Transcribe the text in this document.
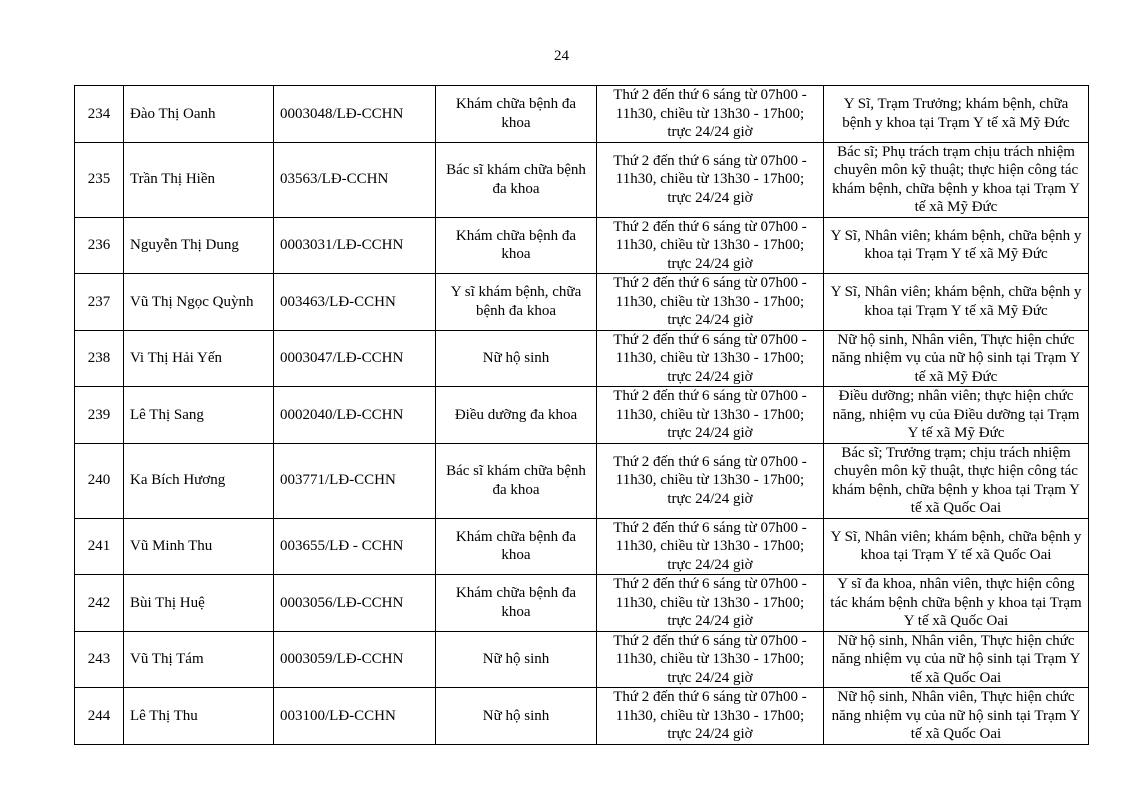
24
234	Đào Thị Oanh	0003048/LĐ-CCHN	Khám chữa bệnh đa khoa	Thứ 2 đến thứ 6 sáng từ 07h00 - 11h30, chiều từ 13h30 - 17h00; trực 24/24 giờ	Y Sĩ, Trạm Trưởng; khám bệnh, chữa bệnh y khoa tại Trạm Y tế xã Mỹ Đức
235	Trần Thị Hiền	03563/LĐ-CCHN	Bác sĩ khám chữa bệnh đa khoa	Thứ 2 đến thứ 6 sáng từ 07h00 - 11h30, chiều từ 13h30 - 17h00; trực 24/24 giờ	Bác sĩ; Phụ trách trạm chịu trách nhiệm chuyên môn kỹ thuật; thực hiện công tác khám bệnh, chữa bệnh y khoa tại Trạm Y tế xã Mỹ Đức
236	Nguyễn Thị Dung	0003031/LĐ-CCHN	Khám chữa bệnh đa khoa	Thứ 2 đến thứ 6 sáng từ 07h00 - 11h30, chiều từ 13h30 - 17h00; trực 24/24 giờ	Y Sĩ, Nhân viên; khám bệnh, chữa bệnh y khoa tại Trạm Y tế xã Mỹ Đức
237	Vũ Thị Ngọc Quỳnh	003463/LĐ-CCHN	Y sĩ khám bệnh, chữa bệnh đa khoa	Thứ 2 đến thứ 6 sáng từ 07h00 - 11h30, chiều từ 13h30 - 17h00; trực 24/24 giờ	Y Sĩ, Nhân viên; khám bệnh, chữa bệnh y khoa tại Trạm Y tế xã Mỹ Đức
238	Vi Thị Hải Yến	0003047/LĐ-CCHN	Nữ hộ sinh	Thứ 2 đến thứ 6 sáng từ 07h00 - 11h30, chiều từ 13h30 - 17h00; trực 24/24 giờ	Nữ hộ sinh, Nhân viên, Thực hiện chức năng nhiệm vụ của nữ hộ sinh tại Trạm Y tế xã Mỹ Đức
239	Lê Thị Sang	0002040/LĐ-CCHN	Điều dưỡng đa khoa	Thứ 2 đến thứ 6 sáng từ 07h00 - 11h30, chiều từ 13h30 - 17h00; trực 24/24 giờ	Điều dưỡng; nhân viên; thực hiện chức năng, nhiệm vụ của Điều dưỡng tại Trạm Y tế xã Mỹ Đức
240	Ka Bích Hương	003771/LĐ-CCHN	Bác sĩ khám chữa bệnh đa khoa	Thứ 2 đến thứ 6 sáng từ 07h00 - 11h30, chiều từ 13h30 - 17h00; trực 24/24 giờ	Bác sĩ; Trưởng trạm; chịu trách nhiệm chuyên môn kỹ thuật, thực hiện công tác khám bệnh, chữa bệnh y khoa tại Trạm Y tế xã Quốc Oai
241	Vũ Minh Thu	003655/LĐ - CCHN	Khám chữa bệnh đa khoa	Thứ 2 đến thứ 6 sáng từ 07h00 - 11h30, chiều từ 13h30 - 17h00; trực 24/24 giờ	Y Sĩ, Nhân viên; khám bệnh, chữa bệnh y khoa tại Trạm Y tế xã Quốc Oai
242	Bùi Thị Huệ	0003056/LĐ-CCHN	Khám chữa bệnh đa khoa	Thứ 2 đến thứ 6 sáng từ 07h00 - 11h30, chiều từ 13h30 - 17h00; trực 24/24 giờ	Y sĩ đa khoa, nhân viên, thực hiện công tác khám bệnh chữa bệnh y khoa tại Trạm Y tế xã Quốc Oai
243	Vũ Thị Tám	0003059/LĐ-CCHN	Nữ hộ sinh	Thứ 2 đến thứ 6 sáng từ 07h00 - 11h30, chiều từ 13h30 - 17h00; trực 24/24 giờ	Nữ hộ sinh, Nhân viên, Thực hiện chức năng nhiệm vụ của nữ hộ sinh tại Trạm Y tế xã Quốc Oai
244	Lê Thị Thu	003100/LĐ-CCHN	Nữ hộ sinh	Thứ 2 đến thứ 6 sáng từ 07h00 - 11h30, chiều từ 13h30 - 17h00; trực 24/24 giờ	Nữ hộ sinh, Nhân viên, Thực hiện chức năng nhiệm vụ của nữ hộ sinh tại Trạm Y tế xã Quốc Oai
